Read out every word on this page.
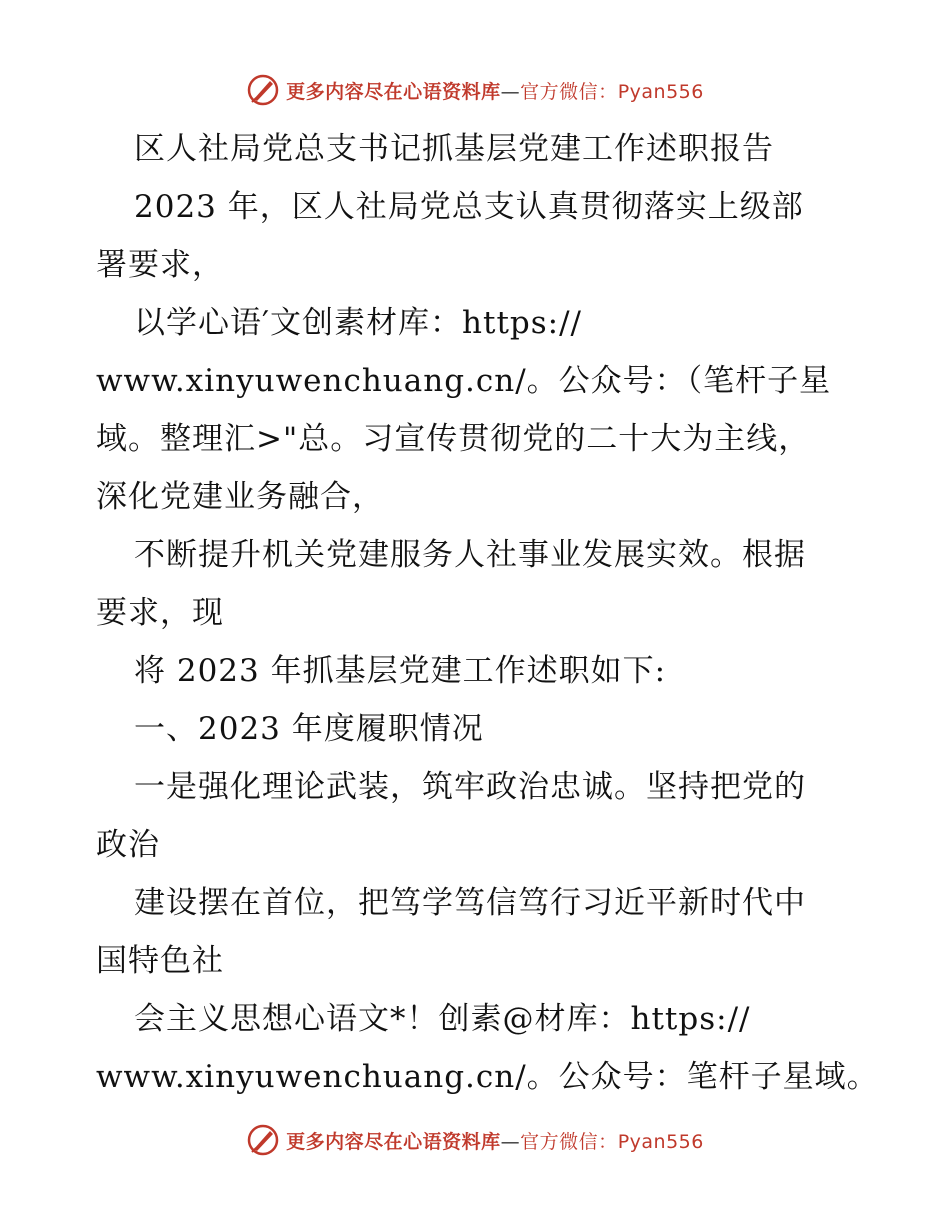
更多内容尽在心语资料库—官方微信：Pyan556
区人社局党总支书记抓基层党建工作述职报告
2023 年，区人社局党总支认真贯彻落实上级部
署要求，
以学心语′文创素材库：https://
www.xinyuwenchuang.cn/。公众号：（笔杆子星
域。整理汇>"总。习宣传贯彻党的二十大为主线，
深化党建业务融合，
不断提升机关党建服务人社事业发展实效。根据
要求，现
将 2023 年抓基层党建工作述职如下:
一、2023 年度履职情况
一是强化理论武装，筑牢政治忠诚。坚持把党的
政治
建设摆在首位，把笃学笃信笃行习近平新时代中
国特色社
会主义思想心语文*！创素@材库：https://
www.xinyuwenchuang.cn/。公众号：笔杆子星域。
更多内容尽在心语资料库—官方微信：Pyan556
